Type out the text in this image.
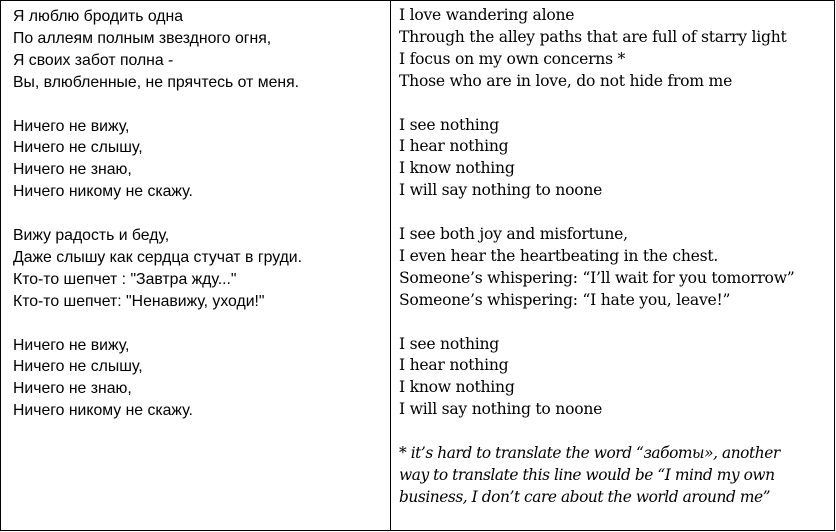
Я люблю бродить одна
По аллеям полным звездного огня,
Я своих забот полна -
Вы, влюбленные, не прячтесь от меня.
Ничего не вижу,
Ничего не слышу,
Ничего не знаю,
Ничего никому не скажу.
Вижу радость и беду,
Даже слышу как сердца стучат в груди.
Кто-то шепчет : "Завтра жду..."
Кто-то шепчет: "Ненавижу, уходи!"
Ничего не вижу,
Ничего не слышу,
Ничего не знаю,
Ничего никому не скажу.
I love wandering alone
Through the alley paths that are full of starry light
I focus on my own concerns *
Those who are in love, do not hide from me
I see nothing
I hear nothing
I know nothing
I will say nothing to noone
I see both joy and misfortune,
I even hear the heartbeating in the chest.
Someone’s whispering: “I’ll wait for you tomorrow”
Someone’s whispering: “I hate you, leave!”
I see nothing
I hear nothing
I know nothing
I will say nothing to noone
* it’s hard to translate the word “заботы», another
way to translate this line would be “I mind my own
business, I don’t care about the world around me”
